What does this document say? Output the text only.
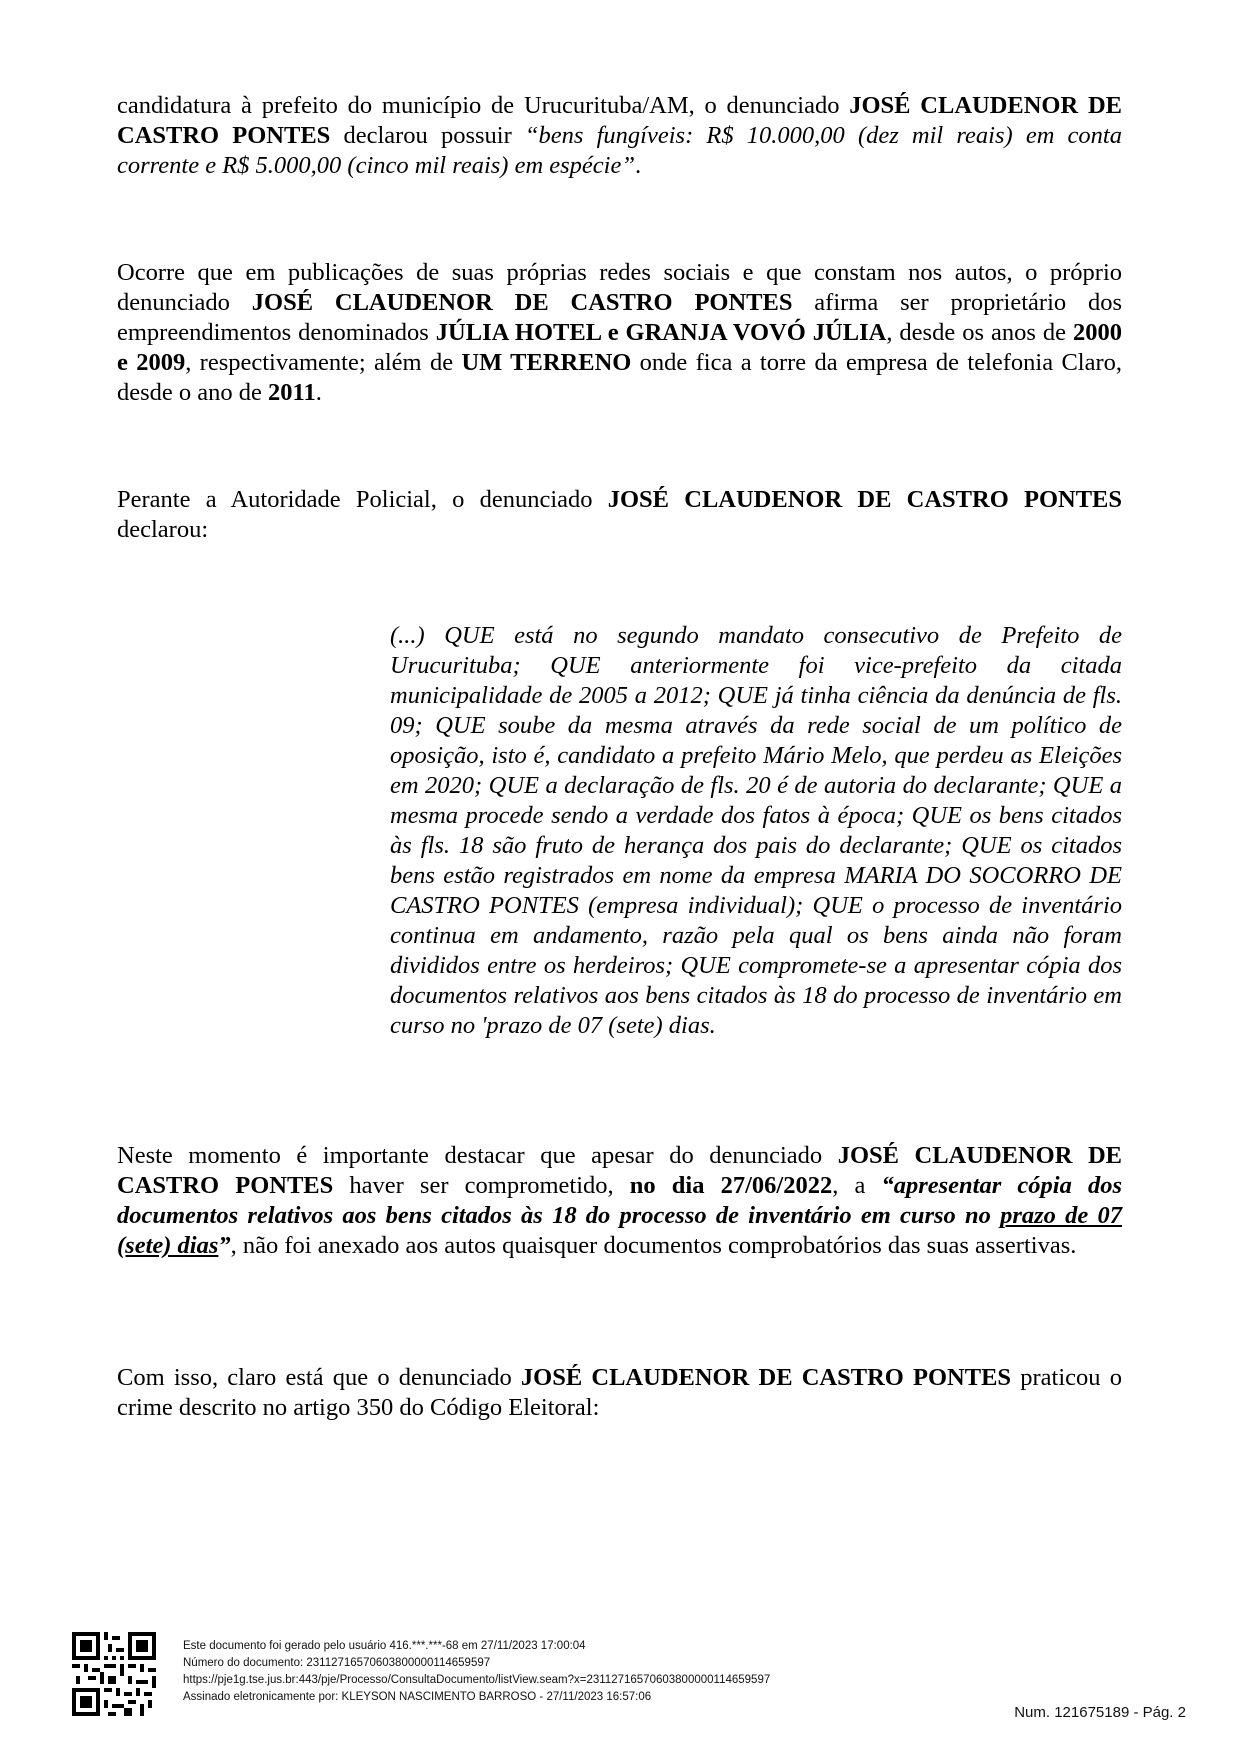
candidatura à prefeito do município de Urucurituba/AM, o denunciado JOSÉ CLAUDENOR DE CASTRO PONTES declarou possuir “bens fungíveis: R$ 10.000,00 (dez mil reais) em conta corrente e R$ 5.000,00 (cinco mil reais) em espécie”.

Ocorre que em publicações de suas próprias redes sociais e que constam nos autos, o próprio denunciado JOSÉ CLAUDENOR DE CASTRO PONTES afirma ser proprietário dos empreendimentos denominados JÚLIA HOTEL e GRANJA VOVÓ JÚLIA, desde os anos de 2000 e 2009, respectivamente; além de UM TERRENO onde fica a torre da empresa de telefonia Claro, desde o ano de 2011.

Perante a Autoridade Policial, o denunciado JOSÉ CLAUDENOR DE CASTRO PONTES declarou:

(...) QUE está no segundo mandato consecutivo de Prefeito de Urucurituba; QUE anteriormente foi vice-prefeito da citada municipalidade de 2005 a 2012; QUE já tinha ciência da denúncia de fls. 09; QUE soube da mesma através da rede social de um político de oposição, isto é, candidato a prefeito Mário Melo, que perdeu as Eleições em 2020; QUE a declaração de fls. 20 é de autoria do declarante; QUE a mesma procede sendo a verdade dos fatos à época; QUE os bens citados às fls. 18 são fruto de herança dos pais do declarante; QUE os citados bens estão registrados em nome da empresa MARIA DO SOCORRO DE CASTRO PONTES (empresa individual); QUE o processo de inventário continua em andamento, razão pela qual os bens ainda não foram divididos entre os herdeiros; QUE compromete-se a apresentar cópia dos documentos relativos aos bens citados às 18 do processo de inventário em curso no 'prazo de 07 (sete) dias.

Neste momento é importante destacar que apesar do denunciado JOSÉ CLAUDENOR DE CASTRO PONTES haver ser comprometido, no dia 27/06/2022, a “apresentar cópia dos documentos relativos aos bens citados às 18 do processo de inventário em curso no prazo de 07 (sete) dias”, não foi anexado aos autos quaisquer documentos comprobatórios das suas assertivas.

Com isso, claro está que o denunciado JOSÉ CLAUDENOR DE CASTRO PONTES praticou o crime descrito no artigo 350 do Código Eleitoral:

Este documento foi gerado pelo usuário 416.***.***-68 em 27/11/2023 17:00:04
Número do documento: 23112716570603800000114659597
https://pje1g.tse.jus.br:443/pje/Processo/ConsultaDocumento/listView.seam?x=23112716570603800000114659597
Assinado eletronicamente por: KLEYSON NASCIMENTO BARROSO - 27/11/2023 16:57:06
Num. 121675189 - Pág. 2
